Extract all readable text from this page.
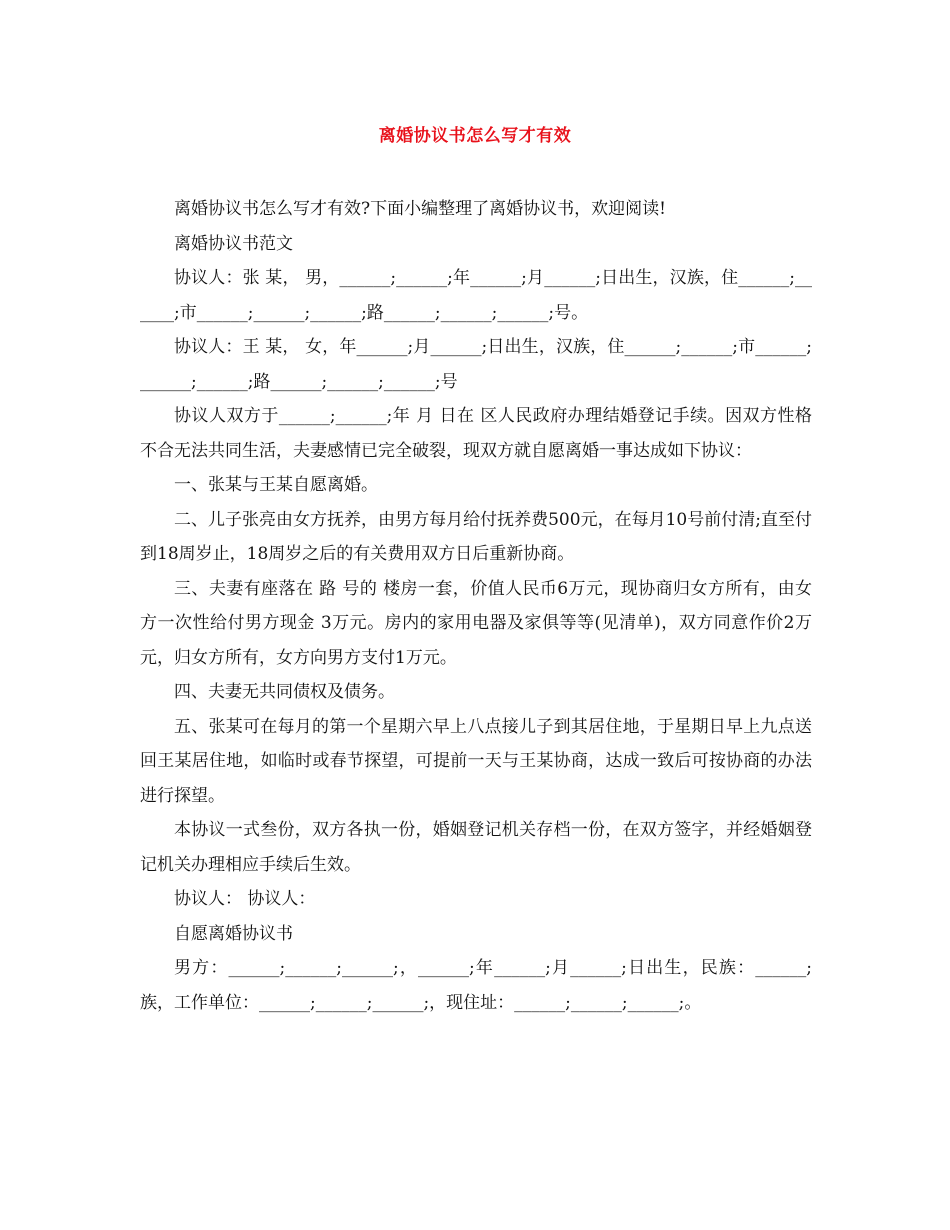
离婚协议书怎么写才有效

离婚协议书怎么写才有效?下面小编整理了离婚协议书，欢迎阅读!

离婚协议书范文

协议人：张 某， 男，______;______;年______;月______;日出生，汉族，住______;______;市______;______;______;路______;______;______;号。

协议人：王 某， 女，年______;月______;日出生，汉族，住______;______;市______;______;______;路______;______;______;号

协议人双方于______;______;年 月 日在 区人民政府办理结婚登记手续。因双方性格不合无法共同生活，夫妻感情已完全破裂，现双方就自愿离婚一事达成如下协议：

一、张某与王某自愿离婚。

二、儿子张亮由女方抚养，由男方每月给付抚养费500元，在每月10号前付清;直至付到18周岁止，18周岁之后的有关费用双方日后重新协商。

三、夫妻有座落在 路 号的 楼房一套，价值人民币6万元，现协商归女方所有，由女方一次性给付男方现金 3万元。房内的家用电器及家俱等等(见清单)，双方同意作价2万元，归女方所有，女方向男方支付1万元。

四、夫妻无共同债权及债务。

五、张某可在每月的第一个星期六早上八点接儿子到其居住地，于星期日早上九点送回王某居住地，如临时或春节探望，可提前一天与王某协商，达成一致后可按协商的办法进行探望。

本协议一式叁份，双方各执一份，婚姻登记机关存档一份，在双方签字，并经婚姻登记机关办理相应手续后生效。

协议人： 协议人：

自愿离婚协议书

男方：______;______;______;，______;年______;月______;日出生，民族：______;族，工作单位：______;______;______;，现住址：______;______;______;。
